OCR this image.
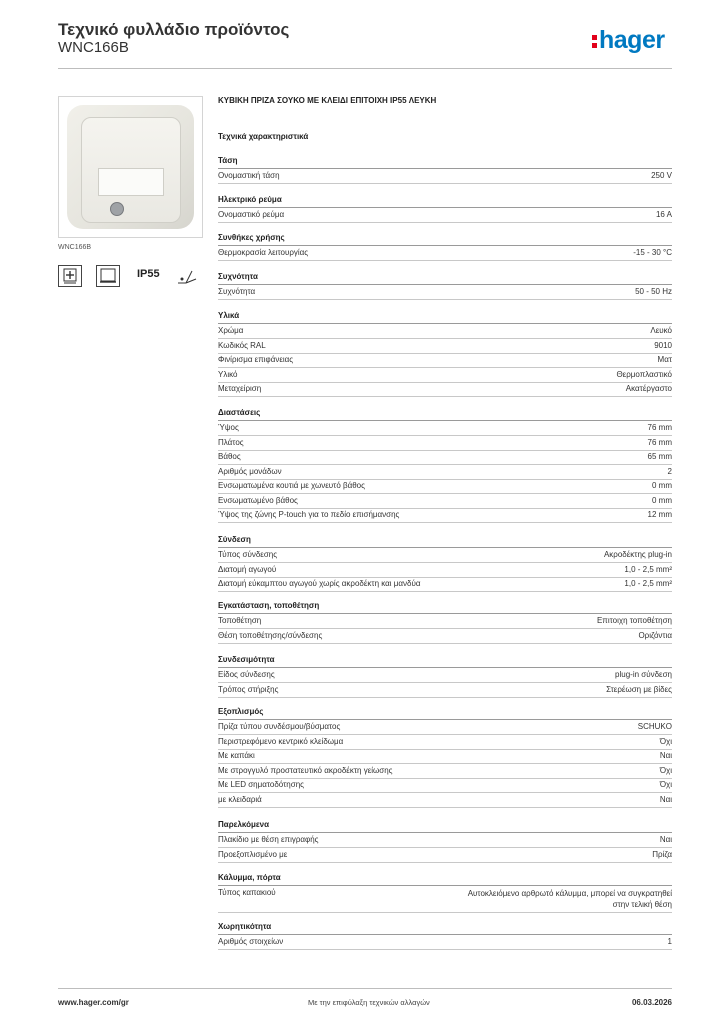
Τεχνικό φυλλάδιο προϊόντος
WNC166B	hager
WNC166B
IP55
ΚΥΒΙΚΗ ΠΡΙΖΑ ΣΟΥΚΟ ΜΕ ΚΛΕΙΔΙ ΕΠΙΤΟΙΧΗ IP55 ΛΕΥΚΗ
Τεχνικά χαρακτηριστικά
Τάση
Ονομαστική τάση	250 V
Ηλεκτρικό ρεύμα
Ονομαστικό ρεύμα	16 A
Συνθήκες χρήσης
Θερμοκρασία λειτουργίας	-15 - 30 °C
Συχνότητα
Συχνότητα	50 - 50 Hz
Υλικά
Χρώμα	Λευκό
Κωδικός RAL	9010
Φινίρισμα επιφάνειας	Ματ
Υλικό	Θερμοπλαστικό
Μεταχείριση	Ακατέργαστο
Διαστάσεις
Ύψος	76 mm
Πλάτος	76 mm
Βάθος	65 mm
Αριθμός μονάδων	2
Ενσωματωμένα κουτιά με χωνευτό βάθος	0 mm
Ενσωματωμένο βάθος	0 mm
Ύψος της ζώνης P-touch για το πεδίο επισήμανσης	12 mm
Σύνδεση
Τύπος σύνδεσης	Ακροδέκτης plug-in
Διατομή αγωγού	1,0 - 2,5 mm²
Διατομή εύκαμπτου αγωγού χωρίς ακροδέκτη και μανδύα	1,0 - 2,5 mm²
Εγκατάσταση, τοποθέτηση
Τοποθέτηση	Επιτοιχη τοποθέτηση
Θέση τοποθέτησης/σύνδεσης	Οριζόντια
Συνδεσιμότητα
Είδος σύνδεσης	plug-in σύνδεση
Τρόπος στήριξης	Στερέωση με βίδες
Εξοπλισμός
Πρίζα τύπου συνδέσμου/βύσματος	SCHUKO
Περιστρεφόμενο κεντρικό κλείδωμα	Όχι
Με καπάκι	Ναι
Με στρογγυλό προστατευτικό ακροδέκτη γείωσης	Όχι
Με LED σηματοδότησης	Όχι
με κλειδαριά	Ναι
Παρελκόμενα
Πλακίδιο με θέση επιγραφής	Ναι
Προεξοπλισμένο με	Πρίζα
Κάλυμμα, πόρτα
Τύπος καπακιού	Αυτοκλειόμενο αρθρωτό κάλυμμα, μπορεί να συγκρατηθεί στην τελική θέση
Χωρητικότητα
Αριθμός στοιχείων	1
www.hager.com/gr	Με την επιφύλαξη τεχνικών αλλαγών	06.03.2026
